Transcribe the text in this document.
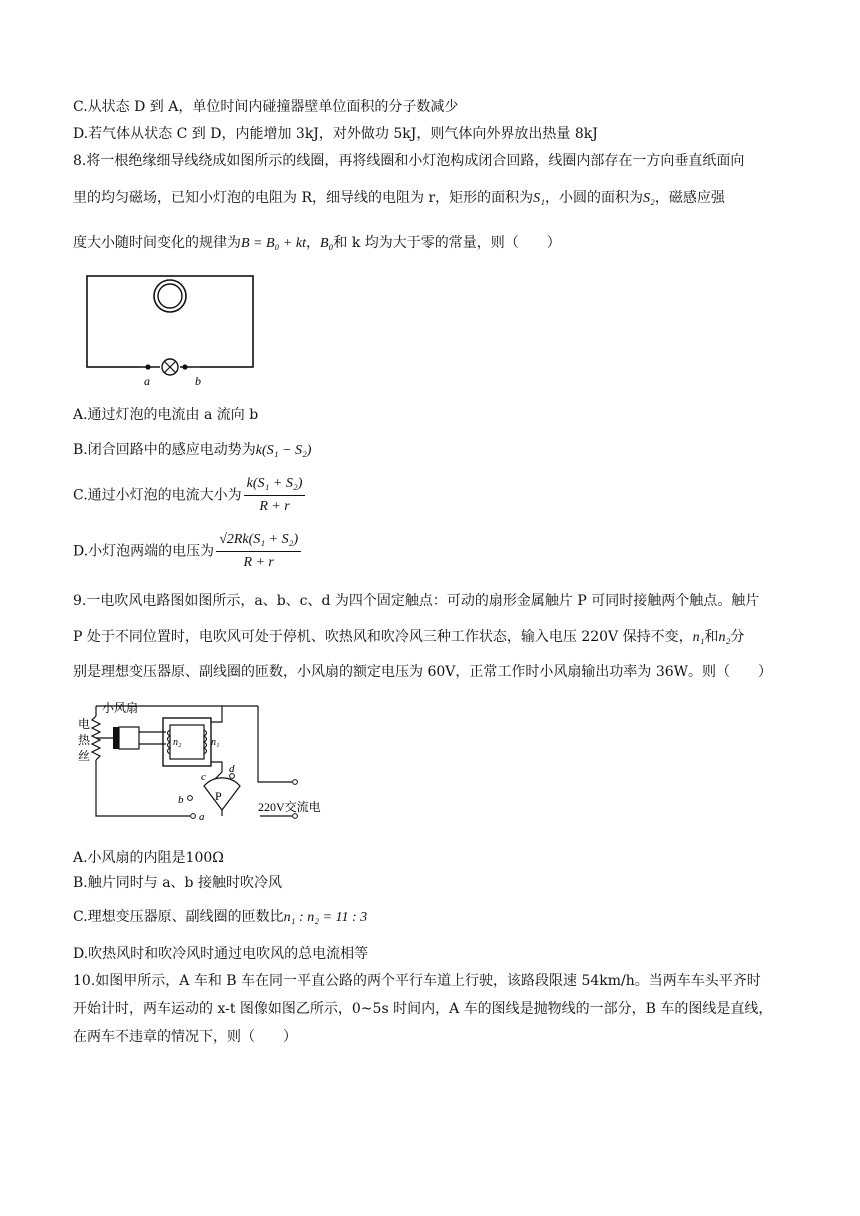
C.从状态 D 到 A，单位时间内碰撞器壁单位面积的分子数减少
D.若气体从状态 C 到 D，内能增加 3kJ，对外做功 5kJ，则气体向外界放出热量 8kJ
8.将一根绝缘细导线绕成如图所示的线圈，再将线圈和小灯泡构成闭合回路，线圈内部存在一方向垂直纸面向
里的均匀磁场，已知小灯泡的电阻为 R，细导线的电阻为 r，矩形的面积为S₁，小圆的面积为S₂，磁感应强
度大小随时间变化的规律为B = B₀ + kt，B₀和 k 均为大于零的常量，则（　　）
a	b
A.通过灯泡的电流由 a 流向 b
B.闭合回路中的感应电动势为k(S₁ − S₂)
C.通过小灯泡的电流大小为 $\frac{\text{k(S₁ + S₂)}}{R + r}$
D.小灯泡两端的电压为 $\frac{\text{√2Rk(S₁ + S₂)}}{R + r}$
9.一电吹风电路图如图所示，a、b、c、d 为四个固定触点：可动的扇形金属触片 P 可同时接触两个触点。触片
P 处于不同位置时，电吹风可处于停机、吹热风和吹冷风三种工作状态，输入电压 220V 保持不变，n₁和n₂分
别是理想变压器原、副线圈的匝数，小风扇的额定电压为 60V，正常工作时小风扇输出功率为 36W。则（　　）
电
热
丝
a
小风扇
n₂	n₁
c
d
b	P
220V交流电
A.小风扇的内阻是100Ω
B.触片同时与 a、b 接触时吹冷风
C.理想变压器原、副线圈的匝数比n₁ : n₂ = 11 : 3
D.吹热风时和吹冷风时通过电吹风的总电流相等
10.如图甲所示，A 车和 B 车在同一平直公路的两个平行车道上行驶，该路段限速 54km/h。当两车车头平齐时
开始计时，两车运动的 x-t 图像如图乙所示，0~5s 时间内，A 车的图线是抛物线的一部分，B 车的图线是直线，
在两车不违章的情况下，则（　　）
